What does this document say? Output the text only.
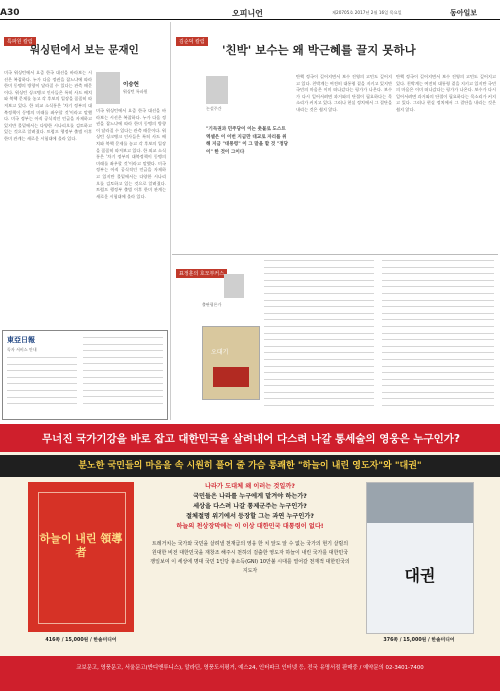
A30	오피니언	제20705호 2017년 2월 16일 목요일	동아일보
특파원 칼럼
워싱턴에서 보는 문재인
이승헌
워싱턴 특파원
미국 워싱턴에서 요즘 한국 대선을 바라보는 시선은 복잡하다. 누가 다음 정권을 잡느냐에 따라 한미 동맹의 방향이 달라질 수 있다는 관측 때문이다. 워싱턴 싱크탱크 인사들은 특히 사드 배치와 북핵 문제를 놓고 각 후보의 입장을 꼼꼼히 따져보고 있다. 한 외교 소식통은 '차기 정부의 대북정책이 동맹의 미래를 좌우할 것'이라고 말했다. 미국 정부는 아직 공식적인 언급을 자제하고 있지만 물밑에서는 다양한 시나리오를 검토하고 있는 것으로 알려졌다. 트럼프 행정부 출범 이후 한미 관계는 새로운 시험대에 올라 있다.
미국 워싱턴에서 요즘 한국 대선을 바라보는 시선은 복잡하다. 누가 다음 정권을 잡느냐에 따라 한미 동맹의 방향이 달라질 수 있다는 관측 때문이다. 워싱턴 싱크탱크 인사들은 특히 사드 배치와 북핵 문제를 놓고 각 후보의 입장을 꼼꼼히 따져보고 있다. 한 외교 소식통은 '차기 정부의 대북정책이 동맹의 미래를 좌우할 것'이라고 말했다. 미국 정부는 아직 공식적인 언급을 자제하고 있지만 물밑에서는 다양한 시나리오를 검토하고 있는 것으로 알려졌다. 트럼프 행정부 출범 이후 한미 관계는 새로운 시험대에 올라 있다.
東亞日報
독자 서비스 안내
김순덕 칼럼
'친박' 보수는 왜 박근혜를 끌지 못하나
논설주간
"기득권과 민주당이 이는 촛불로 도스트엑셀은 이 이번 지금만 대교로 자리를 위해 지금 "대통령" 이 그 말을 할 것 "정당이" 한 것이 그이다
탄핵 정국이 길어지면서 보수 진영의 고민도 깊어지고 있다. 친박계는 여전히 대통령 곁을 지키고 있지만 국민의 마음은 이미 떠나갔다는 평가가 나온다. 보수가 다시 일어서려면 과거와의 단절이 필요하다는 목소리가 커지고 있다. 그러나 현실 정치에서 그 결단을 내리는 것은 쉽지 않다.
탄핵 정국이 길어지면서 보수 진영의 고민도 깊어지고 있다. 친박계는 여전히 대통령 곁을 지키고 있지만 국민의 마음은 이미 떠나갔다는 평가가 나온다. 보수가 다시 일어서려면 과거와의 단절이 필요하다는 목소리가 커지고 있다. 그러나 현실 정치에서 그 결단을 내리는 것은 쉽지 않다.
표정훈의 호모부커스
출판평론가
오대기
무너진 국가기강을 바로 잡고 대한민국을 살려내어 다스려 나갈 통세술의 영웅은 누구인가?
분노한 국민들의 마음을 속 시원히 풀어 줄 가슴 통쾌한 "하늘이 내린 영도자"와 "대권"
하늘이 내린 領導者
416쪽 / 15,000원 / 한솔미디어
나라가 도대체 왜 이러는 것일까?
국민들은 나라를 누구에게 맡겨야 하는가?
세상을 다스려 나갈 통제군주는 누구인가?
절체절명 위기에서 등장할 그는 과연 누구인가?
하늘의 천상장막에는 이 이상 대한민국 대통령이 없다!
트레거치는 국가와 국민을 살려낼 천재급의 영웅 한 치 앞도 알 수 없는 국가의 현기 살릴의 원대한 비전 대한민국을 재창조 해주시 천하의 걸출한 영도자 하늘이 내린 국가를 대한민국 쟁일보여 이 세상에 명대 국민 1인당 총소득(GNI) 10만불 시대를 열어갈 천재적 대한민국의 지도자	대권
376쪽 / 15,000원 / 한솔미디어
교보문고, 영풍문고, 서울문고(반디앤루니스), 알라딘, 영풍도서평거, 예스24, 인터파크 인터넷 등, 전국 유명서점 판매중 / 예약문의 02-3401-7400
